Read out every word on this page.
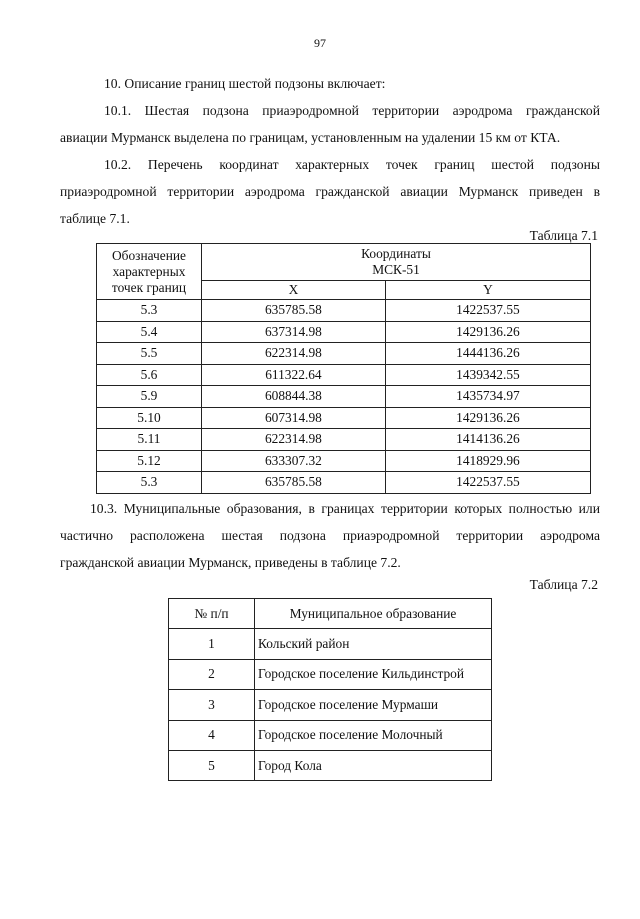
97

10. Описание границ шестой подзоны включает:

10.1. Шестая подзона приаэродромной территории аэродрома гражданской
авиации Мурманск выделена по границам, установленным на удалении 15 км от КТА.
10.2. Перечень координат характерных точек границ шестой подзоны
приаэродромной территории аэродрома гражданской авиации Мурманск приведен в
таблице 7.1.
Таблица 7.1
Обозначение
характерных
точек границ	Координаты
МСК-51	

	X	Y
5.3	635785.58	1422537.55
5.4	637314.98	1429136.26
5.5	622314.98	1444136.26
5.6	611322.64	1439342.55
5.9	608844.38	1435734.97
5.10	607314.98	1429136.26
5.11	622314.98	1414136.26
5.12	633307.32	1418929.96
5.3	635785.58	1422537.55
10.3. Муниципальные образования, в границах территории которых полностью или
частично расположена шестая подзона приаэродромной территории аэродрома
гражданской авиации Мурманск, приведены в таблице 7.2.
Таблица 7.2
№ п/п	Муниципальное образование
1	Кольский район
2	Городское поселение Кильдинстрой
3	Городское поселение Мурмаши
4	Городское поселение Молочный
5	Город Кола
